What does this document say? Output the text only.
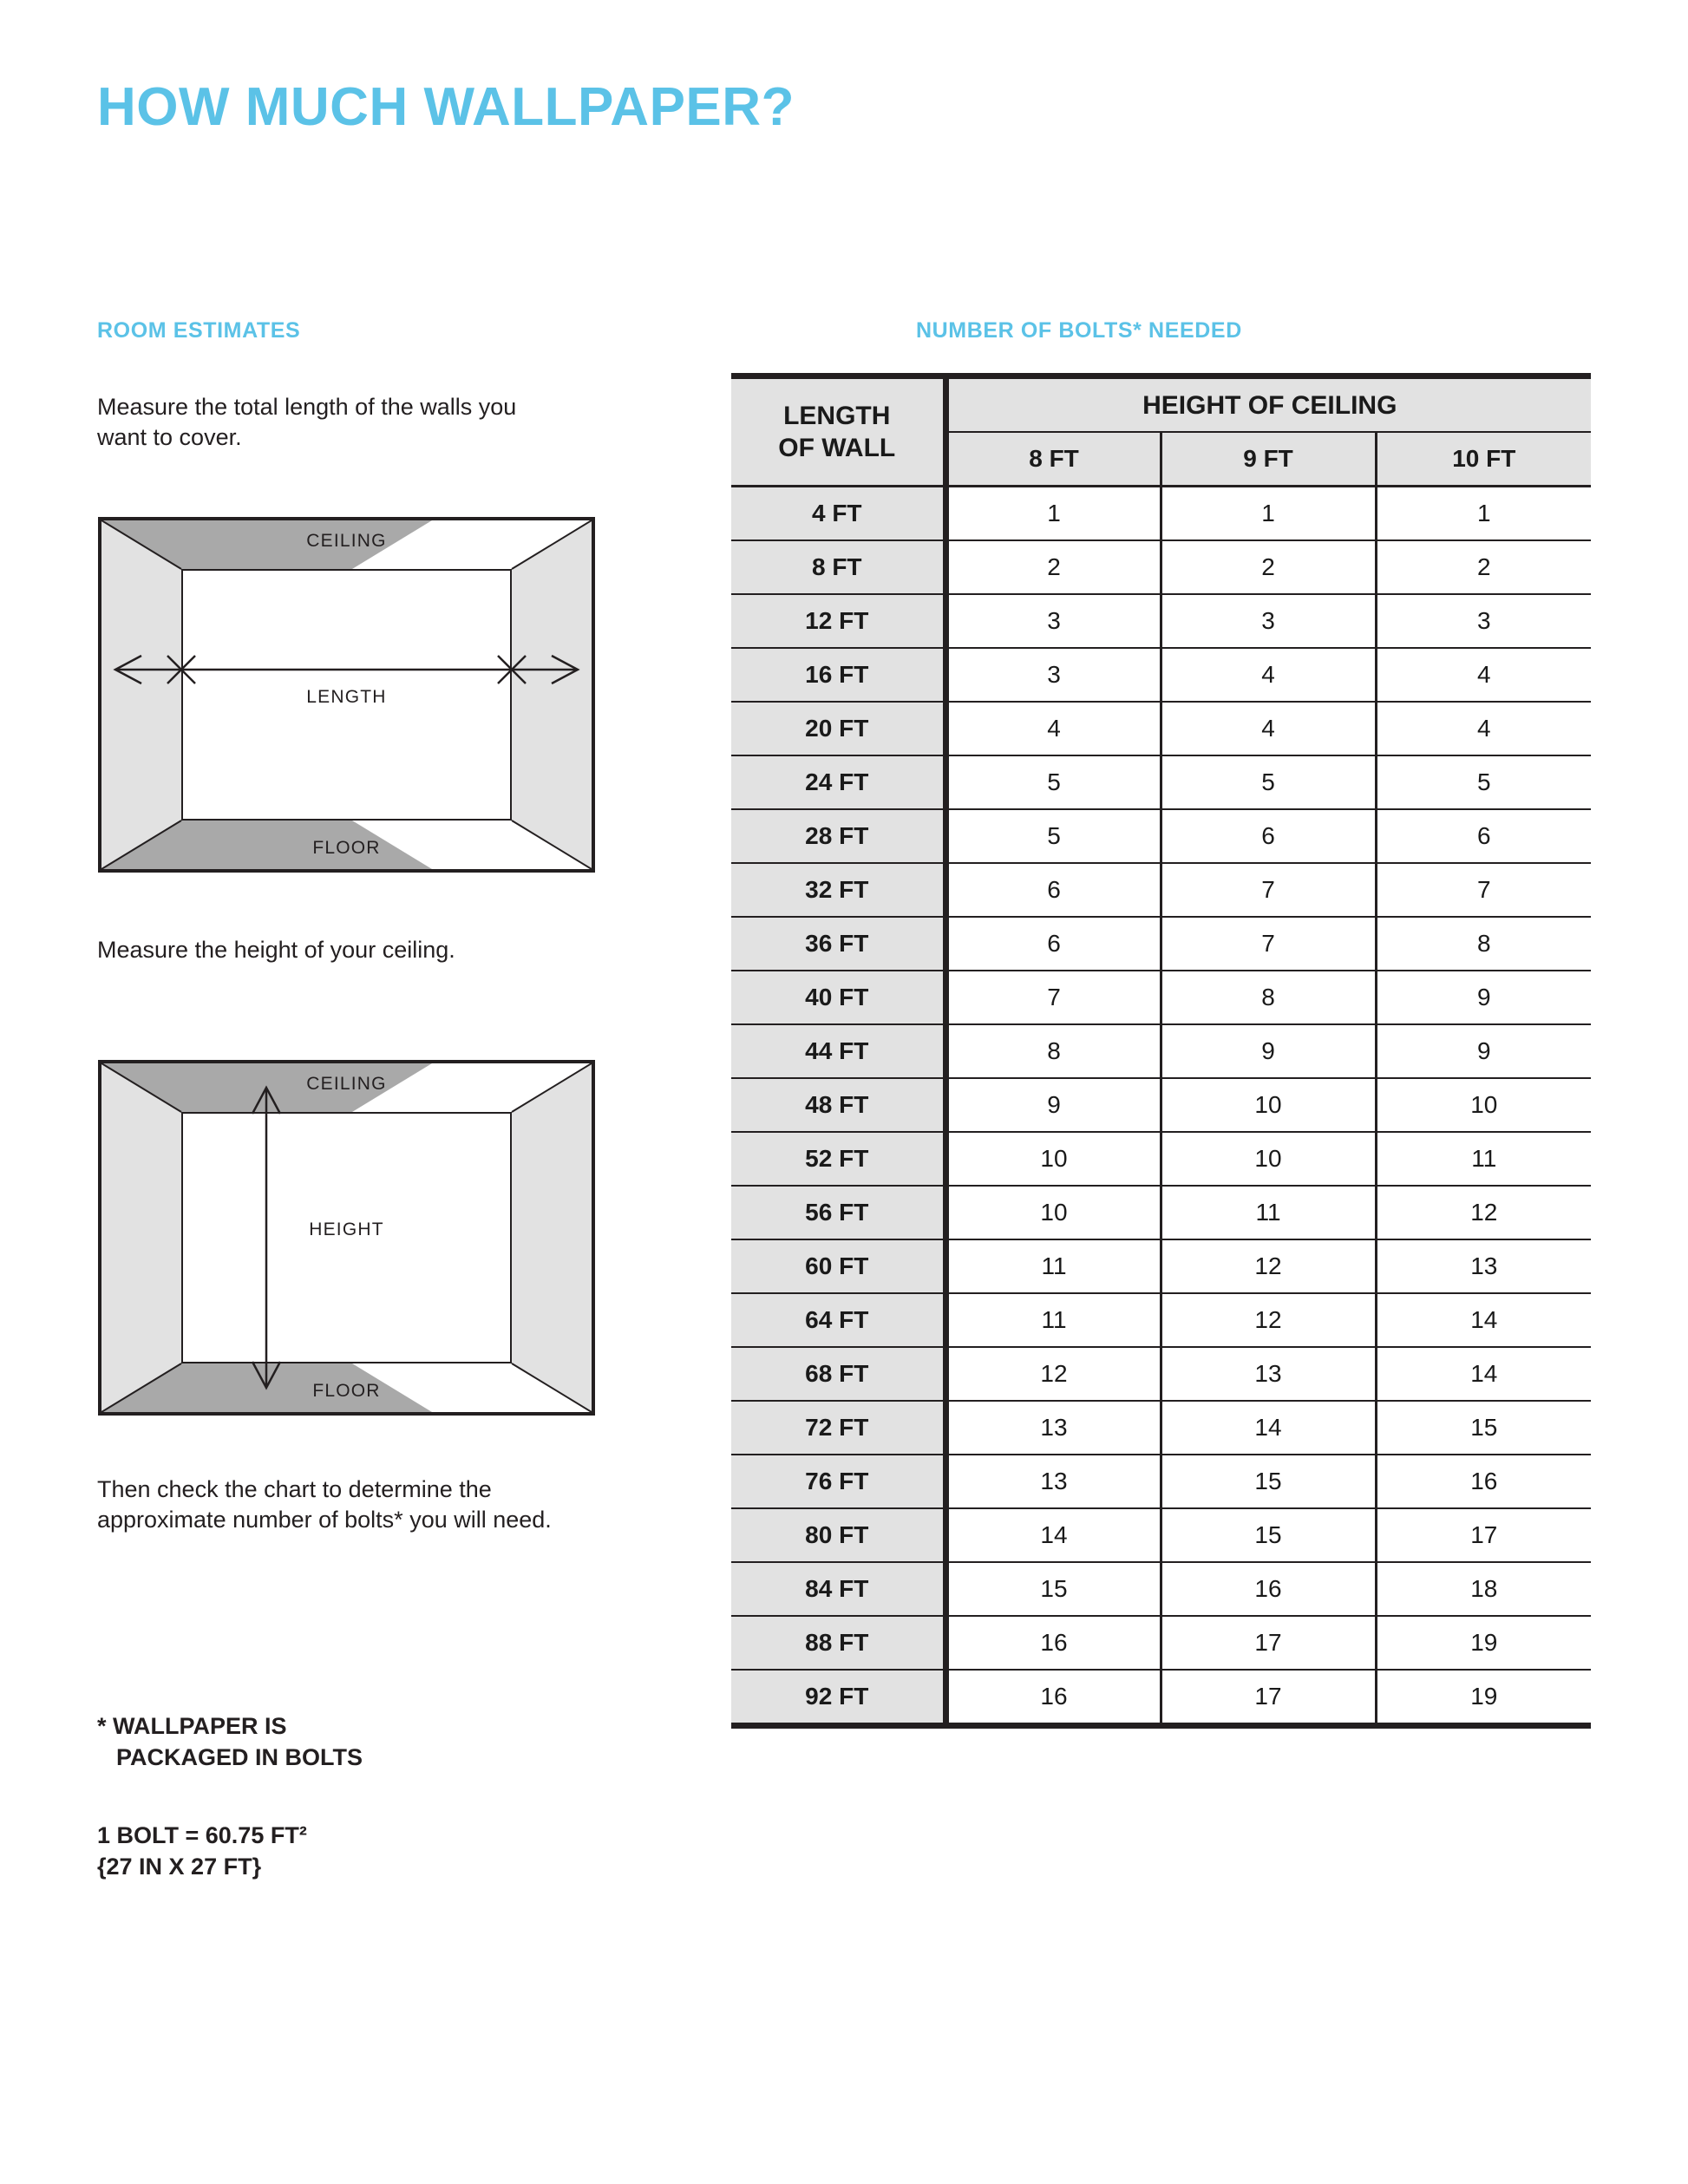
HOW MUCH WALLPAPER?
ROOM ESTIMATES	NUMBER OF BOLTS* NEEDED
Measure the total length of the walls you want to cover.
Measure the height of your ceiling.
Then check the chart to determine the approximate number of bolts* you will need.
* WALLPAPER IS
PACKAGED IN BOLTS
1 BOLT = 60.75 FT²
{27 IN X 27 FT}
CEILING
FLOOR
LENGTH
CEILING
FLOOR
HEIGHT
LENGTH
OF WALL	HEIGHT OF CEILING		
	8 FT	9 FT	10 FT
4 FT	1	1	1
8 FT	2	2	2
12 FT	3	3	3
16 FT	3	4	4
20 FT	4	4	4
24 FT	5	5	5
28 FT	5	6	6
32 FT	6	7	7
36 FT	6	7	8
40 FT	7	8	9
44 FT	8	9	9
48 FT	9	10	10
52 FT	10	10	11
56 FT	10	11	12
60 FT	11	12	13
64 FT	11	12	14
68 FT	12	13	14
72 FT	13	14	15
76 FT	13	15	16
80 FT	14	15	17
84 FT	15	16	18
88 FT	16	17	19
92 FT	16	17	19
